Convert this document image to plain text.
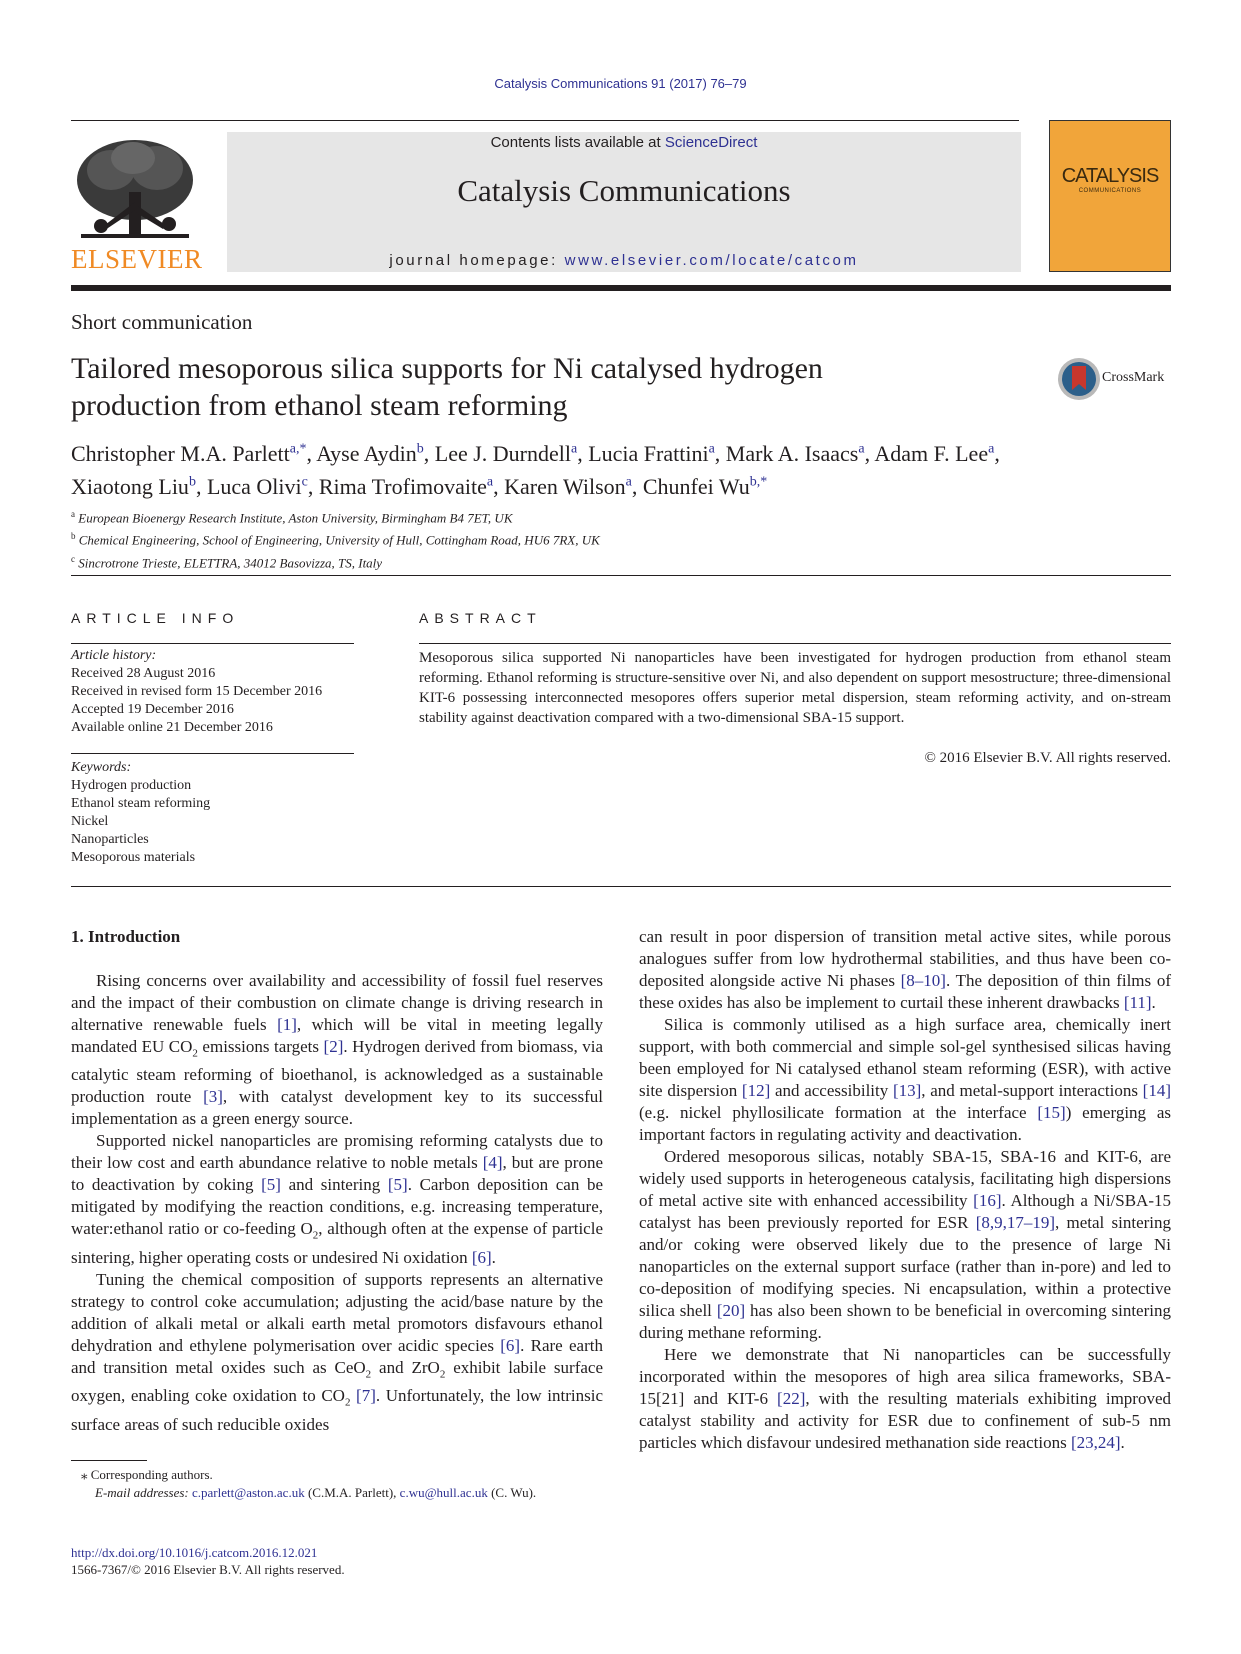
Catalysis Communications 91 (2017) 76–79
ELSEVIER
Contents lists available at ScienceDirect
Catalysis Communications
journal homepage: www.elsevier.com/locate/catcom
CATALYSIS
COMMUNICATIONS
Short communication
Tailored mesoporous silica supports for Ni catalysed hydrogen
production from ethanol steam reforming
CrossMark
Christopher M.A. Parlett$^{a,*}$, Ayse Aydin$^b$, Lee J. Durndell$^a$, Lucia Frattini$^a$, Mark A. Isaacs$^a$, Adam F. Lee$^a$,
Xiaotong Liu$^b$, Luca Olivi$^c$, Rima Trofimovaite$^a$, Karen Wilson$^a$, Chunfei $Wu^{b,*}$
$^a$ European Bioenergy Research Institute, Aston University, Birmingham B4 7ET, UK
$^b$ Chemical Engineering, School of Engineering, University of Hull, Cottingham Road, HU6 7RX, UK
$^c$ Sincrotrone Trieste, ELETTRA, 34012 Basovizza, TS, Italy
ARTICLE INFO
Article history:
Received 28 August 2016
Received in revised form 15 December 2016
Accepted 19 December 2016
Available online 21 December 2016
Keywords:
Hydrogen production
Ethanol steam reforming
Nickel
Nanoparticles
Mesoporous materials
ABSTRACT
Mesoporous silica supported Ni nanoparticles have been investigated for hydrogen production from ethanol steam reforming. Ethanol reforming is structure-sensitive over Ni, and also dependent on support mesostructure; three-dimensional KIT-6 possessing interconnected mesopores offers superior metal dispersion, steam reforming activity, and on-stream stability against deactivation compared with a two-dimensional SBA-15 support.
© 2016 Elsevier B.V. All rights reserved.
1. Introduction

Rising concerns over availability and accessibility of fossil fuel reserves and the impact of their combustion on climate change is driving research in alternative renewable fuels [1], which will be vital in meeting legally mandated EU $CO_2$ emissions targets [2]. Hydrogen derived from biomass, via catalytic steam reforming of bioethanol, is acknowledged as a sustainable production route [3], with catalyst development key to its successful implementation as a green energy source.

Supported nickel nanoparticles are promising reforming catalysts due to their low cost and earth abundance relative to noble metals [4], but are prone to deactivation by coking [5] and sintering [5]. Carbon deposition can be mitigated by modifying the reaction conditions, e.g. increasing temperature, water:ethanol ratio or co-feeding $O_2$, although often at the expense of particle sintering, higher operating costs or undesired Ni oxidation [6].

Tuning the chemical composition of supports represents an alternative strategy to control coke accumulation; adjusting the acid/base nature by the addition of alkali metal or alkali earth metal promotors disfavours ethanol dehydration and ethylene polymerisation over acidic species [6]. Rare earth and transition metal oxides such as CeO$_2$ and ZrO$_2$ exhibit labile surface oxygen, enabling coke oxidation to $CO_2$ [7]. Unfortunately, the low intrinsic surface areas of such reducible oxides

can result in poor dispersion of transition metal active sites, while porous analogues suffer from low hydrothermal stabilities, and thus have been co-deposited alongside active Ni phases [8–10]. The deposition of thin films of these oxides has also be implement to curtail these inherent drawbacks [11].

Silica is commonly utilised as a high surface area, chemically inert support, with both commercial and simple sol-gel synthesised silicas having been employed for Ni catalysed ethanol steam reforming (ESR), with active site dispersion [12] and accessibility [13], and metal-support interactions [14] (e.g. nickel phyllosilicate formation at the interface [15]) emerging as important factors in regulating activity and deactivation.

Ordered mesoporous silicas, notably SBA-15, SBA-16 and KIT-6, are widely used supports in heterogeneous catalysis, facilitating high dispersions of metal active site with enhanced accessibility [16]. Although a Ni/SBA-15 catalyst has been previously reported for ESR [8,9,17–19], metal sintering and/or coking were observed likely due to the presence of large Ni nanoparticles on the external support surface (rather than in-pore) and led to co-deposition of modifying species. Ni encapsulation, within a protective silica shell [20] has also been shown to be beneficial in overcoming sintering during methane reforming.

Here we demonstrate that Ni nanoparticles can be successfully incorporated within the mesopores of high area silica frameworks, SBA-15[21] and KIT-6 [22], with the resulting materials exhibiting improved catalyst stability and activity for ESR due to confinement of sub-5 nm particles which disfavour undesired methanation side reactions [23,24].

⁎ Corresponding authors.
E-mail addresses: c.parlett@aston.ac.uk (C.M.A. Parlett), c.wu@hull.ac.uk (C. Wu).
http://dx.doi.org/10.1016/j.catcom.2016.12.021
1566-7367/© 2016 Elsevier B.V. All rights reserved.
